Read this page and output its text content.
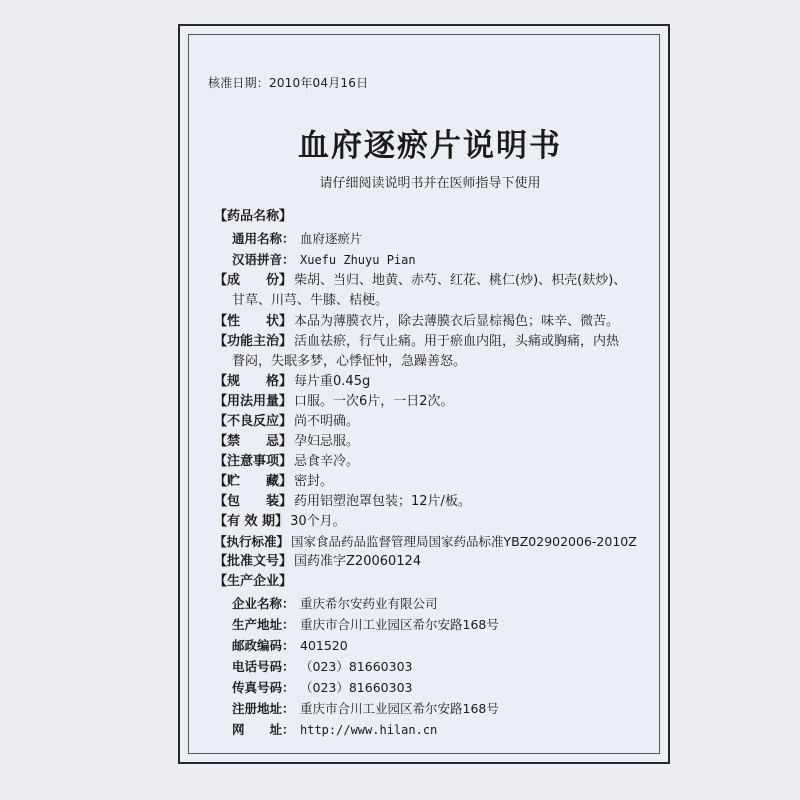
核准日期：2010年04月16日
血府逐瘀片说明书
请仔细阅读说明书并在医师指导下使用
【药品名称】
通用名称： 血府逐瘀片
汉语拼音： Xuefu Zhuyu Pian
【成　　份】 柴胡、当归、地黄、赤芍、红花、桃仁(炒)、枳壳(麸炒)、
甘草、川芎、牛膝、桔梗。
【性　　状】 本品为薄膜衣片，除去薄膜衣后显棕褐色；味辛、微苦。
【功能主治】 活血祛瘀，行气止痛。用于瘀血内阻，头痛或胸痛，内热
瞀闷，失眠多梦，心悸怔忡，急躁善怒。
【规　　格】 每片重0.45g
【用法用量】 口服。一次6片，一日2次。
【不良反应】 尚不明确。
【禁　　忌】 孕妇忌服。
【注意事项】 忌食辛冷。
【贮　　藏】 密封。
【包　　装】 药用铝塑泡罩包装；12片/板。
【有 效 期】 30个月。
【执行标准】 国家食品药品监督管理局国家药品标准YBZ02902006-2010Z
【批准文号】 国药准字Z20060124
【生产企业】
企业名称： 重庆希尔安药业有限公司
生产地址： 重庆市合川工业园区希尔安路168号
邮政编码： 401520
电话号码： （023）81660303
传真号码： （023）81660303
注册地址： 重庆市合川工业园区希尔安路168号
网　　址： http://www.hilan.cn
